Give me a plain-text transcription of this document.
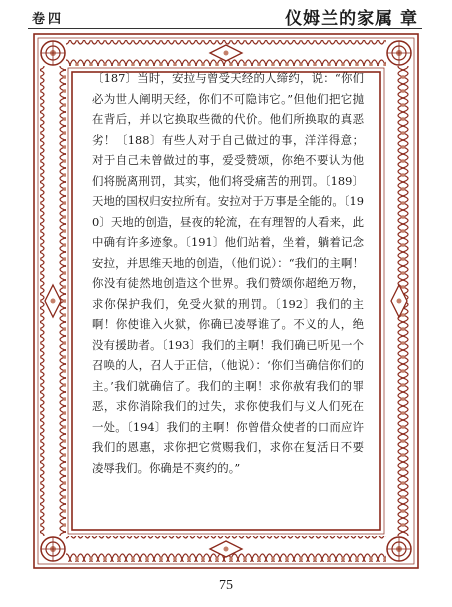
卷四	仪姆兰的家属 章

〔187〕当时，安拉与曾受天经的人缔约，说：“你们必为世人阐明天经，你们不可隐讳它。”但他们把它抛在背后，并以它换取些微的代价。他们所换取的真恶劣！〔188〕有些人对于自己做过的事，洋洋得意；对于自己未曾做过的事，爱受赞颂，你绝不要认为他们将脱离刑罚，其实，他们将受痛苦的刑罚。〔189〕天地的国权归安拉所有。安拉对于万事是全能的。〔190〕天地的创造，昼夜的轮流，在有理智的人看来，此中确有许多迹象。〔191〕他们站着，坐着，躺着记念安拉，并思维天地的创造，（他们说）：“我们的主啊！你没有徒然地创造这个世界。我们赞颂你超绝万物，求你保护我们，免受火狱的刑罚。〔192〕我们的主啊！你使谁入火狱，你确已凌辱谁了。不义的人，绝没有援助者。〔193〕我们的主啊！我们确已听见一个召唤的人，召人于正信，（他说）：‘你们当确信你们的主。’我们就确信了。我们的主啊！求你赦宥我们的罪恶，求你消除我们的过失，求你使我们与义人们死在一处。〔194〕我们的主啊！你曾借众使者的口而应许我们的恩惠，求你把它赏赐我们，求你在复活日不要凌辱我们。你确是不爽约的。”

75
